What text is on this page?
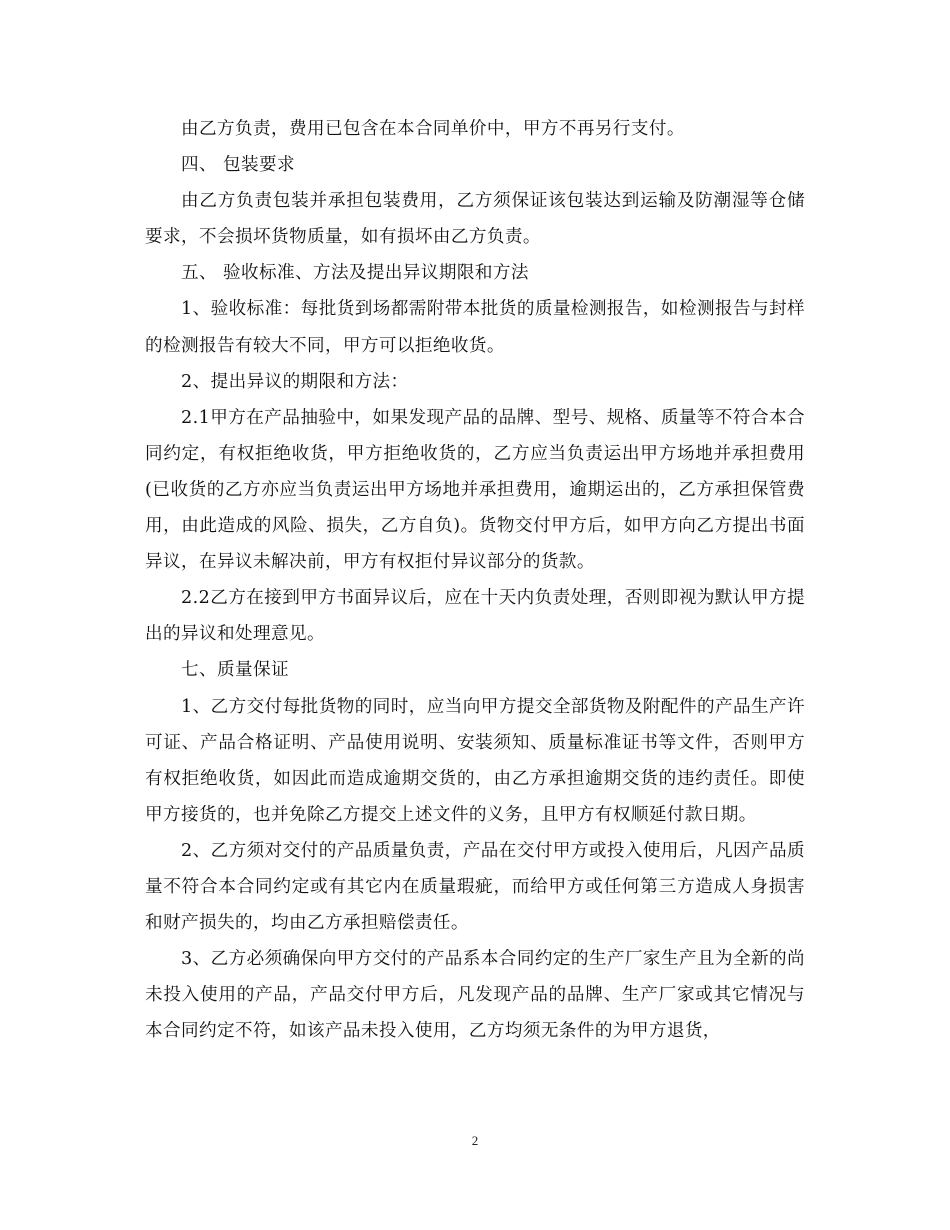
由乙方负责，费用已包含在本合同单价中，甲方不再另行支付。

四、 包装要求

由乙方负责包装并承担包装费用，乙方须保证该包装达到运输及防潮湿等仓储要求，不会损坏货物质量，如有损坏由乙方负责。

五、 验收标准、方法及提出异议期限和方法

1、验收标准：每批货到场都需附带本批货的质量检测报告，如检测报告与封样的检测报告有较大不同，甲方可以拒绝收货。

2、提出异议的期限和方法：

2.1甲方在产品抽验中，如果发现产品的品牌、型号、规格、质量等不符合本合同约定，有权拒绝收货，甲方拒绝收货的，乙方应当负责运出甲方场地并承担费用(已收货的乙方亦应当负责运出甲方场地并承担费用，逾期运出的，乙方承担保管费用，由此造成的风险、损失，乙方自负)。货物交付甲方后，如甲方向乙方提出书面异议，在异议未解决前，甲方有权拒付异议部分的货款。

2.2乙方在接到甲方书面异议后，应在十天内负责处理，否则即视为默认甲方提出的异议和处理意见。

七、质量保证

1、乙方交付每批货物的同时，应当向甲方提交全部货物及附配件的产品生产许可证、产品合格证明、产品使用说明、安装须知、质量标准证书等文件，否则甲方有权拒绝收货，如因此而造成逾期交货的，由乙方承担逾期交货的违约责任。即使甲方接货的，也并免除乙方提交上述文件的义务，且甲方有权顺延付款日期。

2、乙方须对交付的产品质量负责，产品在交付甲方或投入使用后，凡因产品质量不符合本合同约定或有其它内在质量瑕疵，而给甲方或任何第三方造成人身损害和财产损失的，均由乙方承担赔偿责任。

3、乙方必须确保向甲方交付的产品系本合同约定的生产厂家生产且为全新的尚未投入使用的产品，产品交付甲方后，凡发现产品的品牌、生产厂家或其它情况与本合同约定不符，如该产品未投入使用，乙方均须无条件的为甲方退货，

2
